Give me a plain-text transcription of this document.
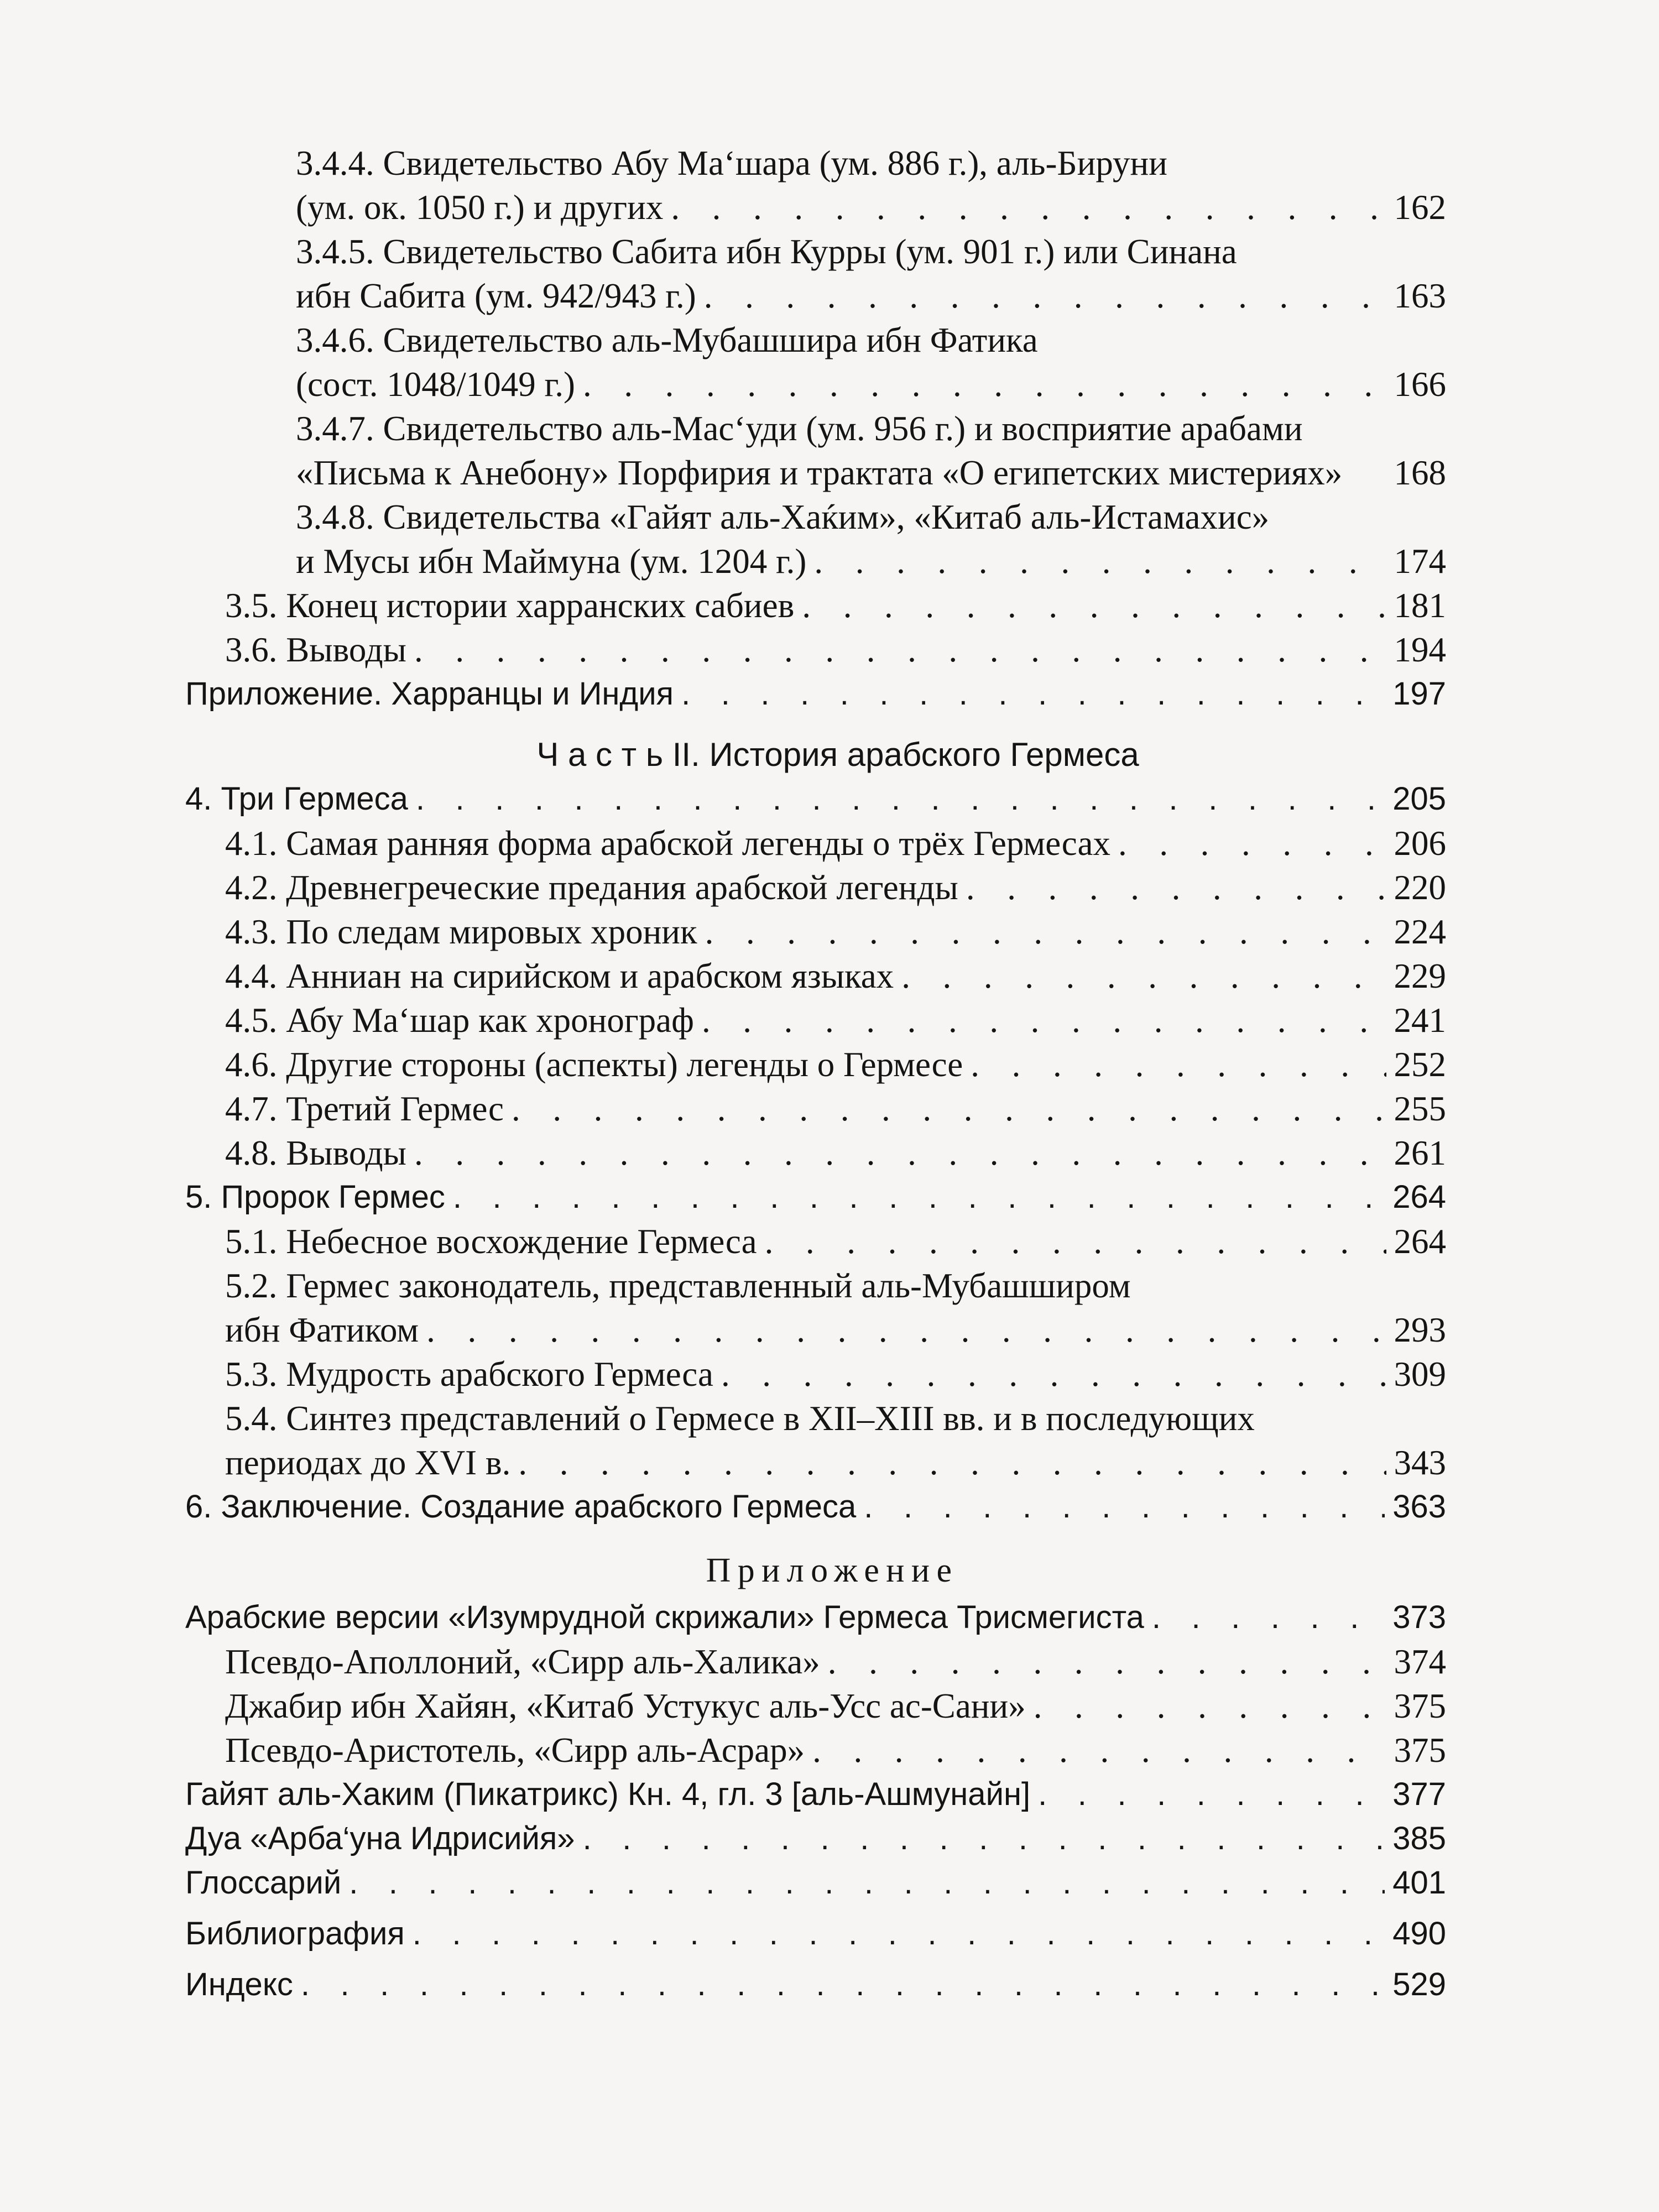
3.4.4. Свидетельство Абу Ма‘шара (ум. 886 г.), аль-Бируни
(ум. ок. 1050 г.) и других . . .	162
3.4.5. Свидетельство Сабита ибн Курры (ум. 901 г.) или Синана
ибн Сабита (ум. 942/943 г.) . . .	163
3.4.6. Свидетельство аль-Мубашшира ибн Фатика
(сост. 1048/1049 г.) . . .	166
3.4.7. Свидетельство аль-Мас‘уди (ум. 956 г.) и восприятие арабами
«Письма к Анебону» Порфирия и трактата «О египетских мистериях» 168
3.4.8. Свидетельства «Гайят аль-Хаќим», «Китаб аль-Истамахис»
и Мусы ибн Маймуна (ум. 1204 г.) . . .	174
3.5. Конец истории харранских сабиев . . .	181
3.6. Выводы . . .	194
Приложение. Харранцы и Индия . . .	197
Ч а с т ь II. История арабского Гермеса
4. Три Гермеса . . .	205
4.1. Самая ранняя форма арабской легенды о трёх Гермесах . . .	206
4.2. Древнегреческие предания арабской легенды . . .	220
4.3. По следам мировых хроник . . .	224
4.4. Анниан на сирийском и арабском языках . . .	229
4.5. Абу Ма‘шар как хронограф . . .	241
4.6. Другие стороны (аспекты) легенды о Гермесе . . .	252
4.7. Третий Гермес . . .	255
4.8. Выводы . . .	261
5. Пророк Гермес . . .	264
5.1. Небесное восхождение Гермеса . . .	264
5.2. Гермес законодатель, представленный аль-Мубашширом
ибн Фатиком . . .	293
5.3. Мудрость арабского Гермеса . . .	309
5.4. Синтез представлений о Гермесе в XII–XIII вв. и в последующих
периодах до XVI в. . . .	343
6. Заключение. Создание арабского Гермеса . . .	363
Приложение
Арабские версии «Изумрудной скрижали» Гермеса Трисмегиста . . .	373
Псевдо-Аполлоний, «Сирр аль-Халика» . . .	374
Джабир ибн Хайян, «Китаб Устукус аль-Усс ас-Сани» . . .	375
Псевдо-Аристотель, «Сирр аль-Асрар» . . .	375
Гайят аль-Хаким (Пикатрикс) Кн. 4, гл. 3 [аль-Ашмунайн] . . .	377
Дуа «Арба‘уна Идрисийя» . . .	385
Глоссарий . . .	401
Библиография . . .	490
Индекс . . .	529
